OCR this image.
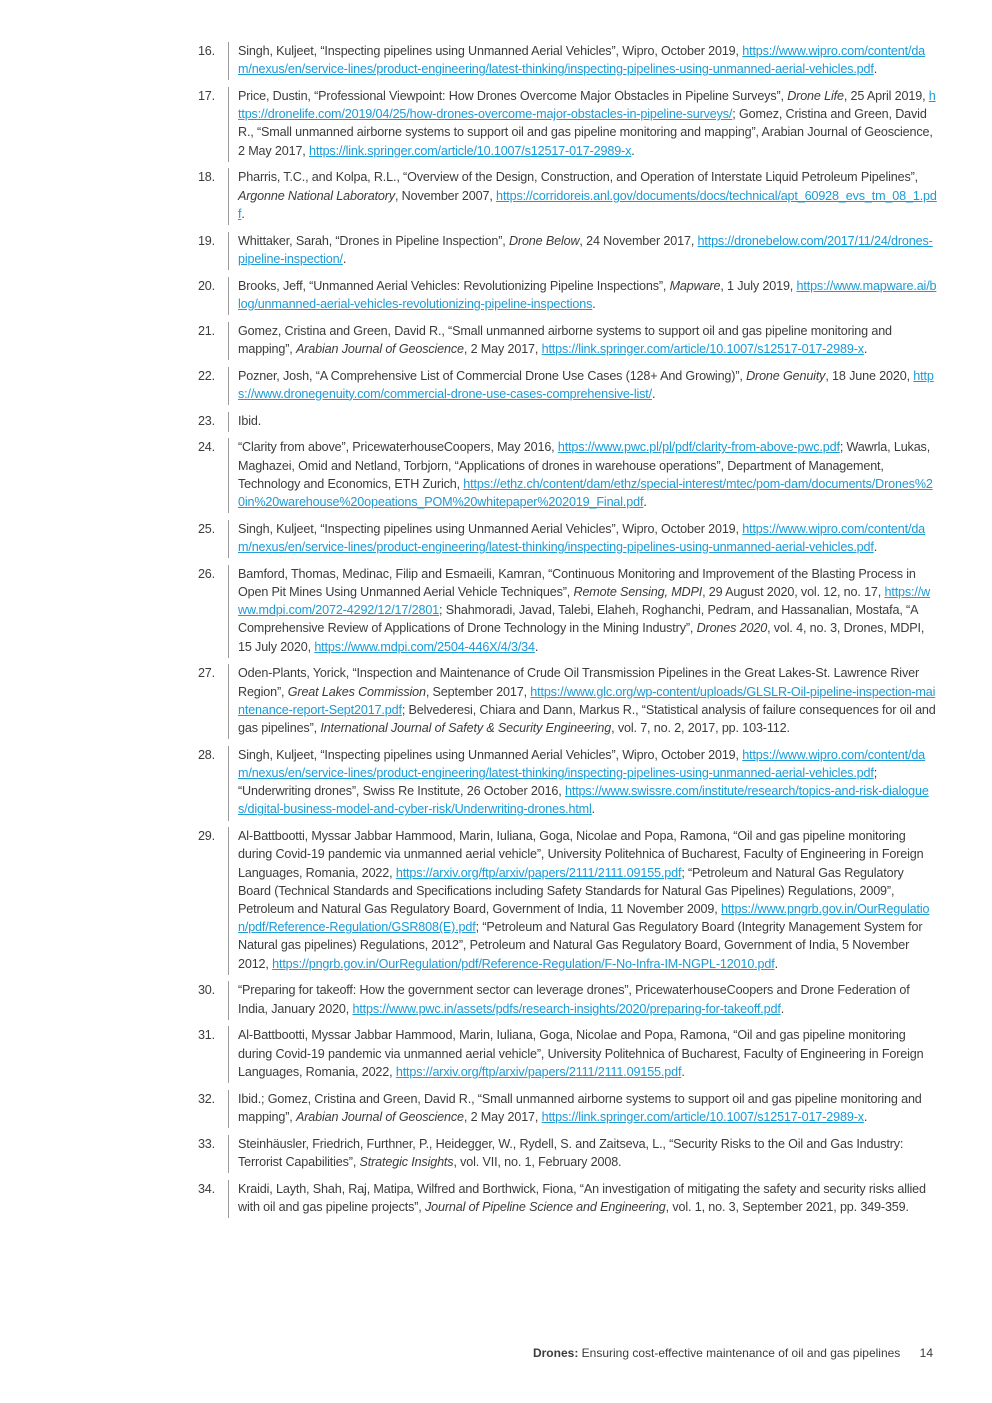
16.	Singh, Kuljeet, “Inspecting pipelines using Unmanned Aerial Vehicles”, Wipro, October 2019, https://www.wipro.com/content/dam/nexus/en/service-lines/product-engineering/latest-thinking/inspecting-pipelines-using-unmanned-aerial-vehicles.pdf.
17.	Price, Dustin, “Professional Viewpoint: How Drones Overcome Major Obstacles in Pipeline Surveys”, Drone Life, 25 April 2019, https://dronelife.com/2019/04/25/how-drones-overcome-major-obstacles-in-pipeline-surveys/; Gomez, Cristina and Green, David R., “Small unmanned airborne systems to support oil and gas pipeline monitoring and mapping”, Arabian Journal of Geoscience, 2 May 2017, https://link.springer.com/article/10.1007/s12517-017-2989-x.
18.	Pharris, T.C., and Kolpa, R.L., “Overview of the Design, Construction, and Operation of Interstate Liquid Petroleum Pipelines”, Argonne National Laboratory, November 2007, https://corridoreis.anl.gov/documents/docs/technical/apt_60928_evs_tm_08_1.pdf.
19.	Whittaker, Sarah, “Drones in Pipeline Inspection”, Drone Below, 24 November 2017, https://dronebelow.com/2017/11/24/drones-pipeline-inspection/.
20.	Brooks, Jeff, “Unmanned Aerial Vehicles: Revolutionizing Pipeline Inspections”, Mapware, 1 July 2019, https://www.mapware.ai/blog/unmanned-aerial-vehicles-revolutionizing-pipeline-inspections.
21.	Gomez, Cristina and Green, David R., “Small unmanned airborne systems to support oil and gas pipeline monitoring and mapping”, Arabian Journal of Geoscience, 2 May 2017, https://link.springer.com/article/10.1007/s12517-017-2989-x.
22.	Pozner, Josh, “A Comprehensive List of Commercial Drone Use Cases (128+ And Growing)”, Drone Genuity, 18 June 2020, https://www.dronegenuity.com/commercial-drone-use-cases-comprehensive-list/.
23.	Ibid.
24.	“Clarity from above”, PricewaterhouseCoopers, May 2016, https://www.pwc.pl/pl/pdf/clarity-from-above-pwc.pdf; Wawrla, Lukas, Maghazei, Omid and Netland, Torbjorn, “Applications of drones in warehouse operations”, Department of Management, Technology and Economics, ETH Zurich, https://ethz.ch/content/dam/ethz/special-interest/mtec/pom-dam/documents/Drones%20in%20warehouse%20opeations_POM%20whitepaper%202019_Final.pdf.
25.	Singh, Kuljeet, “Inspecting pipelines using Unmanned Aerial Vehicles”, Wipro, October 2019, https://www.wipro.com/content/dam/nexus/en/service-lines/product-engineering/latest-thinking/inspecting-pipelines-using-unmanned-aerial-vehicles.pdf.
26.	Bamford, Thomas, Medinac, Filip and Esmaeili, Kamran, “Continuous Monitoring and Improvement of the Blasting Process in Open Pit Mines Using Unmanned Aerial Vehicle Techniques”, Remote Sensing, MDPI, 29 August 2020, vol. 12, no. 17, https://www.mdpi.com/2072-4292/12/17/2801; Shahmoradi, Javad, Talebi, Elaheh, Roghanchi, Pedram, and Hassanalian, Mostafa, “A Comprehensive Review of Applications of Drone Technology in the Mining Industry”, Drones 2020, vol. 4, no. 3, Drones, MDPI, 15 July 2020, https://www.mdpi.com/2504-446X/4/3/34.
27.	Oden-Plants, Yorick, “Inspection and Maintenance of Crude Oil Transmission Pipelines in the Great Lakes-St. Lawrence River Region”, Great Lakes Commission, September 2017, https://www.glc.org/wp-content/uploads/GLSLR-Oil-pipeline-inspection-maintenance-report-Sept2017.pdf; Belvederesi, Chiara and Dann, Markus R., “Statistical analysis of failure consequences for oil and gas pipelines”, International Journal of Safety & Security Engineering, vol. 7, no. 2, 2017, pp. 103-112.
28.	Singh, Kuljeet, “Inspecting pipelines using Unmanned Aerial Vehicles”, Wipro, October 2019, https://www.wipro.com/content/dam/nexus/en/service-lines/product-engineering/latest-thinking/inspecting-pipelines-using-unmanned-aerial-vehicles.pdf; “Underwriting drones”, Swiss Re Institute, 26 October 2016, https://www.swissre.com/institute/research/topics-and-risk-dialogues/digital-business-model-and-cyber-risk/Underwriting-drones.html.
29.	Al-Battbootti, Myssar Jabbar Hammood, Marin, Iuliana, Goga, Nicolae and Popa, Ramona, “Oil and gas pipeline monitoring during Covid-19 pandemic via unmanned aerial vehicle”, University Politehnica of Bucharest, Faculty of Engineering in Foreign Languages, Romania, 2022, https://arxiv.org/ftp/arxiv/papers/2111/2111.09155.pdf; “Petroleum and Natural Gas Regulatory Board (Technical Standards and Specifications including Safety Standards for Natural Gas Pipelines) Regulations, 2009”, Petroleum and Natural Gas Regulatory Board, Government of India, 11 November 2009, https://www.pngrb.gov.in/OurRegulation/pdf/Reference-Regulation/GSR808(E).pdf; “Petroleum and Natural Gas Regulatory Board (Integrity Management System for Natural gas pipelines) Regulations, 2012”, Petroleum and Natural Gas Regulatory Board, Government of India, 5 November 2012, https://pngrb.gov.in/OurRegulation/pdf/Reference-Regulation/F-No-Infra-IM-NGPL-12010.pdf.
30.	“Preparing for takeoff: How the government sector can leverage drones”, PricewaterhouseCoopers and Drone Federation of India, January 2020, https://www.pwc.in/assets/pdfs/research-insights/2020/preparing-for-takeoff.pdf.
31.	Al-Battbootti, Myssar Jabbar Hammood, Marin, Iuliana, Goga, Nicolae and Popa, Ramona, “Oil and gas pipeline monitoring during Covid-19 pandemic via unmanned aerial vehicle”, University Politehnica of Bucharest, Faculty of Engineering in Foreign Languages, Romania, 2022, https://arxiv.org/ftp/arxiv/papers/2111/2111.09155.pdf.
32.	Ibid.; Gomez, Cristina and Green, David R., “Small unmanned airborne systems to support oil and gas pipeline monitoring and mapping”, Arabian Journal of Geoscience, 2 May 2017, https://link.springer.com/article/10.1007/s12517-017-2989-x.
33.	Steinhäusler, Friedrich, Furthner, P., Heidegger, W., Rydell, S. and Zaitseva, L., “Security Risks to the Oil and Gas Industry: Terrorist Capabilities”, Strategic Insights, vol. VII, no. 1, February 2008.
34.	Kraidi, Layth, Shah, Raj, Matipa, Wilfred and Borthwick, Fiona, “An investigation of mitigating the safety and security risks allied with oil and gas pipeline projects”, Journal of Pipeline Science and Engineering, vol. 1, no. 3, September 2021, pp. 349-359.
Drones: Ensuring cost-effective maintenance of oil and gas pipelines 14
